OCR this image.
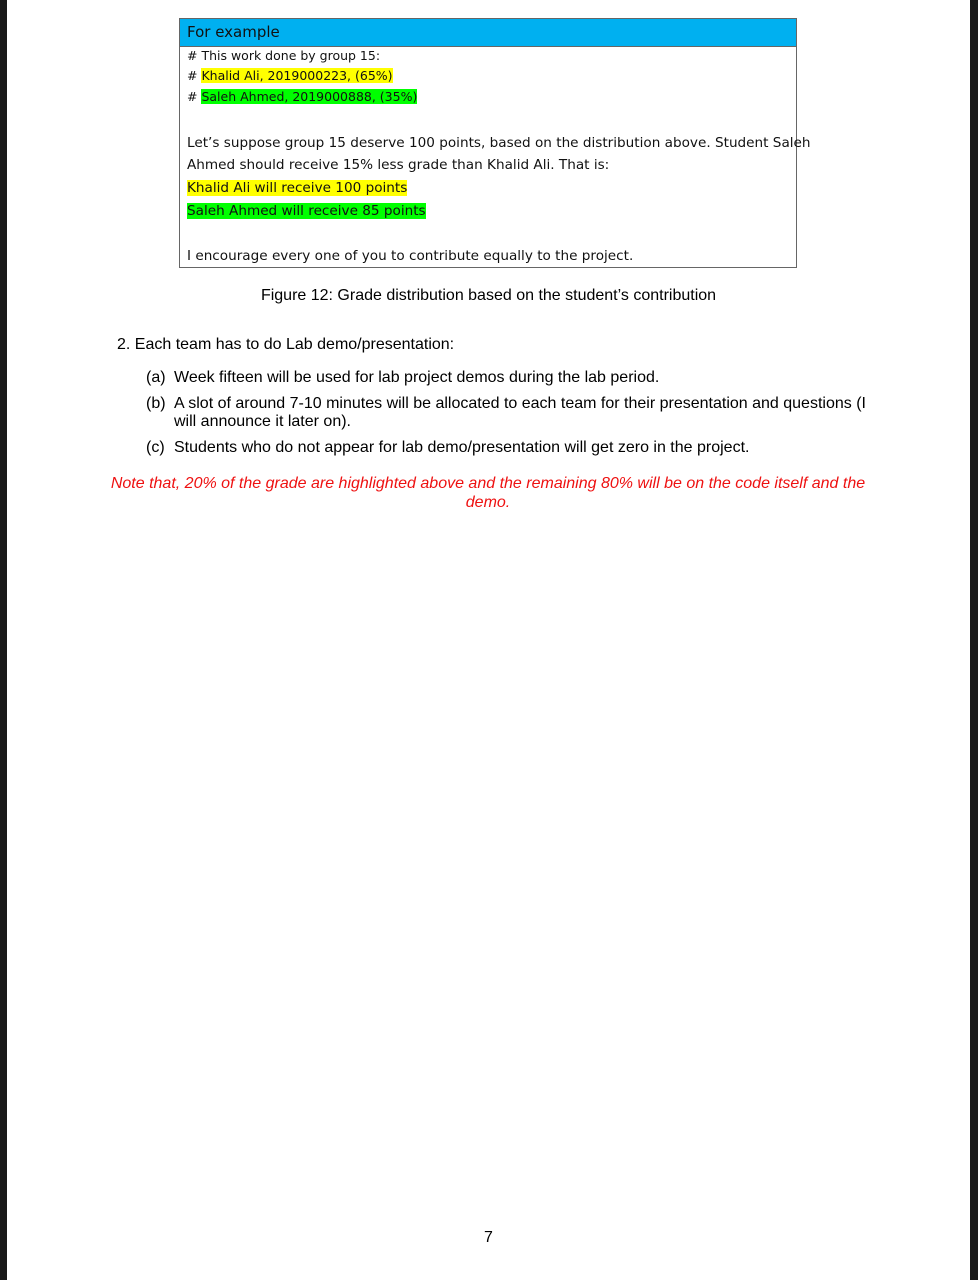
For example
# This work done by group 15:
# Khalid Ali, 2019000223, (65%)
# Saleh Ahmed, 2019000888, (35%)
Let’s suppose group 15 deserve 100 points, based on the distribution above. Student Saleh
Ahmed should receive 15% less grade than Khalid Ali. That is:
Khalid Ali will receive 100 points
Saleh Ahmed will receive 85 points
I encourage every one of you to contribute equally to the project.
Figure 12: Grade distribution based on the student’s contribution
2. Each team has to do Lab demo/presentation:
(a) Week fifteen will be used for lab project demos during the lab period.
(b) A slot of around 7-10 minutes will be allocated to each team for their presentation and questions (I
will announce it later on).
(c) Students who do not appear for lab demo/presentation will get zero in the project.
Note that, 20% of the grade are highlighted above and the remaining 80% will be on the code itself and the demo.
7
